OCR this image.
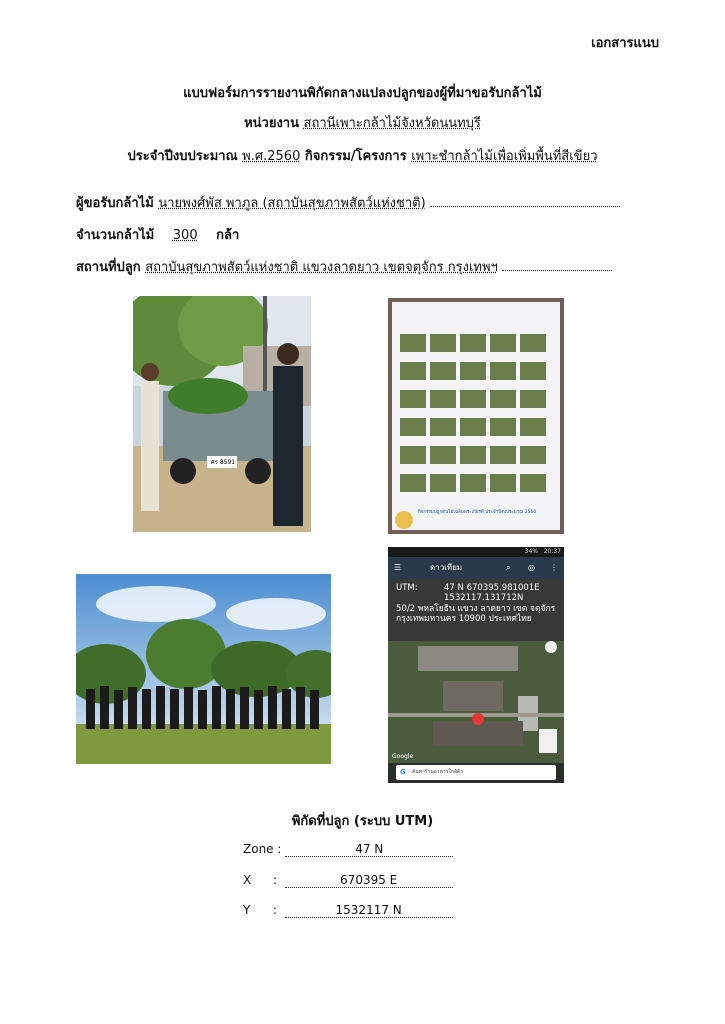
เอกสารแนบ
แบบฟอร์มการรายงานพิกัดกลางแปลงปลูกของผู้ที่มาขอรับกล้าไม้
หน่วยงาน สถานีเพาะกล้าไม้จังหวัดนนทบุรี
ประจำปีงบประมาณ พ.ศ.2560 กิจกรรม/โครงการ เพาะชำกล้าไม้เพื่อเพิ่มพื้นที่สีเขียว
ผู้ขอรับกล้าไม้ นายพงศ์พัส พาภูล (สถาบันสุขภาพสัตว์แห่งชาติ)
จำนวนกล้าไม้ 300 กล้า
สถานที่ปลูก สถาบันสุขภาพสัตว์แห่งชาติ แขวงลาดยาว เขตจตุจักร กรุงเทพฯ
กิจกรรมปลูกต้นไม้เฉลิมพระเกียรติ ประจำปีงบประมาณ 2560
34% 20:37
☰	ดาวเทียม	⌕ ◎ ⋮
UTM:	47 N 670395.981001E
1532117.131712N
50/2 พหลโยธิน แขวง ลาดยาว เขต จตุจักร กรุงเทพมหานคร 10900 ประเทศไทย
Google
G ค้นหาร้านอาหารใกล้ตัว
พิกัดที่ปลูก (ระบบ UTM)
Zone :	47 N
X :	670395 E
Y :	1532117 N
ศร 8591
